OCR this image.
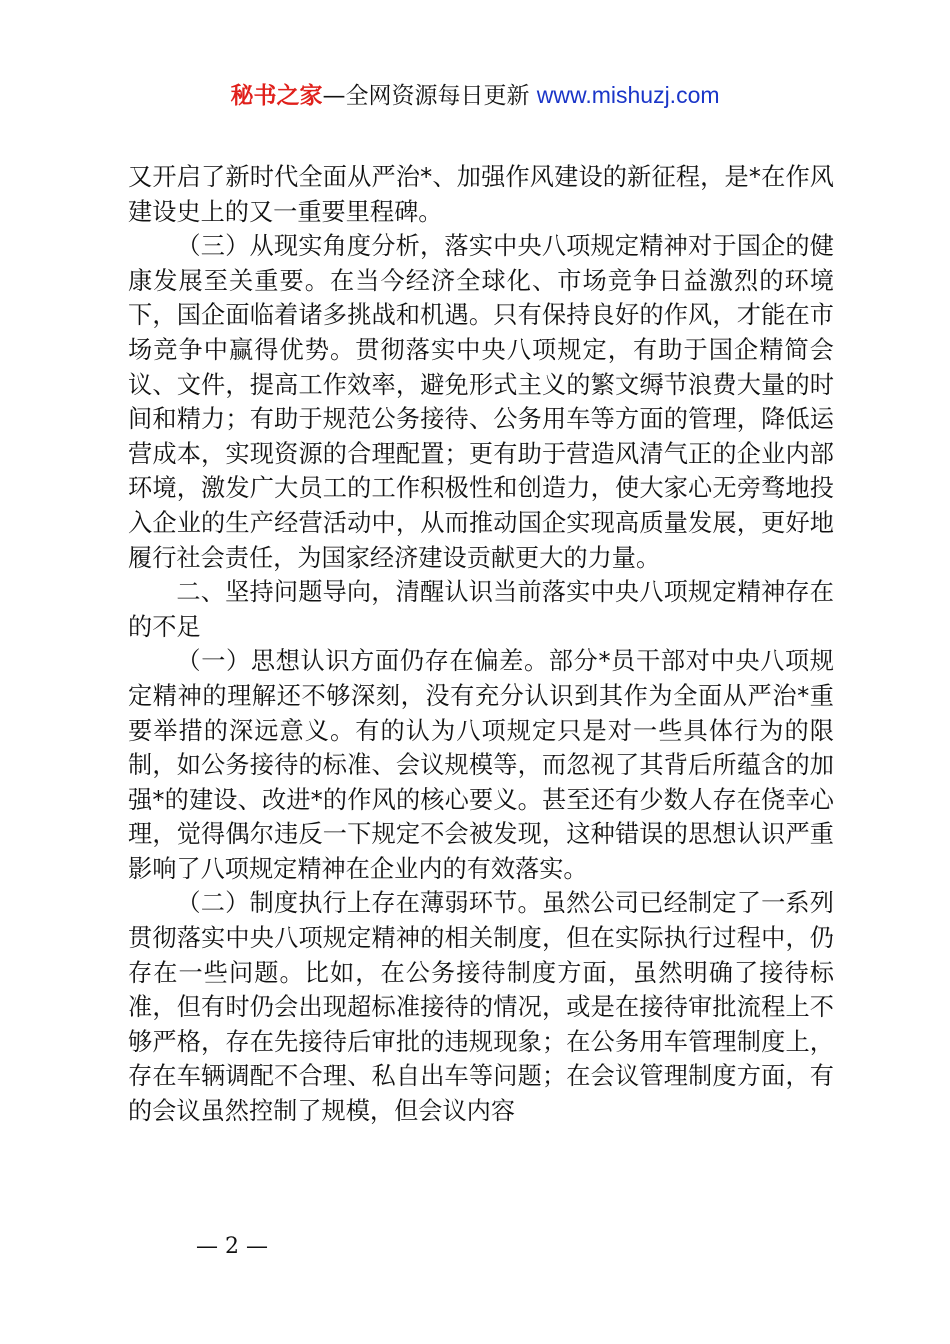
秘书之家—全网资源每日更新 www.mishuzj.com

又开启了新时代全面从严治*、加强作风建设的新征程，是*在作风建设史上的又一重要里程碑。

（三）从现实角度分析，落实中央八项规定精神对于国企的健康发展至关重要。在当今经济全球化、市场竞争日益激烈的环境下，国企面临着诸多挑战和机遇。只有保持良好的作风，才能在市场竞争中赢得优势。贯彻落实中央八项规定，有助于国企精简会议、文件，提高工作效率，避免形式主义的繁文缛节浪费大量的时间和精力；有助于规范公务接待、公务用车等方面的管理，降低运营成本，实现资源的合理配置；更有助于营造风清气正的企业内部环境，激发广大员工的工作积极性和创造力，使大家心无旁骛地投入企业的生产经营活动中，从而推动国企实现高质量发展，更好地履行社会责任，为国家经济建设贡献更大的力量。

二、坚持问题导向，清醒认识当前落实中央八项规定精神存在的不足

（一）思想认识方面仍存在偏差。部分*员干部对中央八项规定精神的理解还不够深刻，没有充分认识到其作为全面从严治*重要举措的深远意义。有的认为八项规定只是对一些具体行为的限制，如公务接待的标准、会议规模等，而忽视了其背后所蕴含的加强*的建设、改进*的作风的核心要义。甚至还有少数人存在侥幸心理，觉得偶尔违反一下规定不会被发现，这种错误的思想认识严重影响了八项规定精神在企业内的有效落实。

（二）制度执行上存在薄弱环节。虽然公司已经制定了一系列贯彻落实中央八项规定精神的相关制度，但在实际执行过程中，仍存在一些问题。比如，在公务接待制度方面，虽然明确了接待标准，但有时仍会出现超标准接待的情况，或是在接待审批流程上不够严格，存在先接待后审批的违规现象；在公务用车管理制度上，存在车辆调配不合理、私自出车等问题；在会议管理制度方面，有的会议虽然控制了规模，但会议内容

— 2 —
